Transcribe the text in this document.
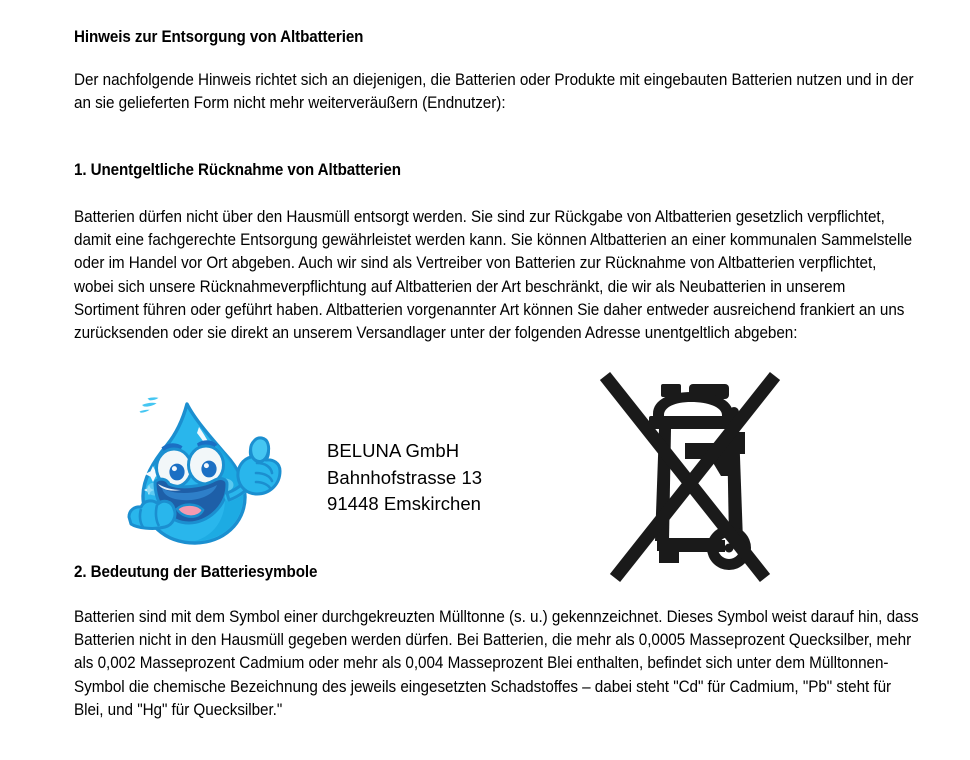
Hinweis zur Entsorgung von Altbatterien

Der nachfolgende Hinweis richtet sich an diejenigen, die Batterien oder Produkte mit eingebauten Batterien nutzen und in der an sie gelieferten Form nicht mehr weiterveräußern (Endnutzer):

1. Unentgeltliche Rücknahme von Altbatterien

Batterien dürfen nicht über den Hausmüll entsorgt werden. Sie sind zur Rückgabe von Altbatterien gesetzlich verpflichtet, damit eine fachgerechte Entsorgung gewährleistet werden kann. Sie können Altbatterien an einer kommunalen Sammelstelle oder im Handel vor Ort abgeben. Auch wir sind als Vertreiber von Batterien zur Rücknahme von Altbatterien verpflichtet, wobei sich unsere Rücknahmeverpflichtung auf Altbatterien der Art beschränkt, die wir als Neubatterien in unserem Sortiment führen oder geführt haben. Altbatterien vorgenannter Art können Sie daher entweder ausreichend frankiert an uns zurücksenden oder sie direkt an unserem Versandlager unter der folgenden Adresse unentgeltlich abgeben:

BELUNA GmbH
Bahnhofstrasse 13
91448 Emskirchen
2. Bedeutung der Batteriesymbole

Batterien sind mit dem Symbol einer durchgekreuzten Mülltonne (s. u.) gekennzeichnet. Dieses Symbol weist darauf hin, dass Batterien nicht in den Hausmüll gegeben werden dürfen. Bei Batterien, die mehr als 0,0005 Masseprozent Quecksilber, mehr als 0,002 Masseprozent Cadmium oder mehr als 0,004 Masseprozent Blei enthalten, befindet sich unter dem Mülltonnen-Symbol die chemische Bezeichnung des jeweils eingesetzten Schadstoffes – dabei steht "Cd" für Cadmium, "Pb" steht für Blei, und "Hg" für Quecksilber."
